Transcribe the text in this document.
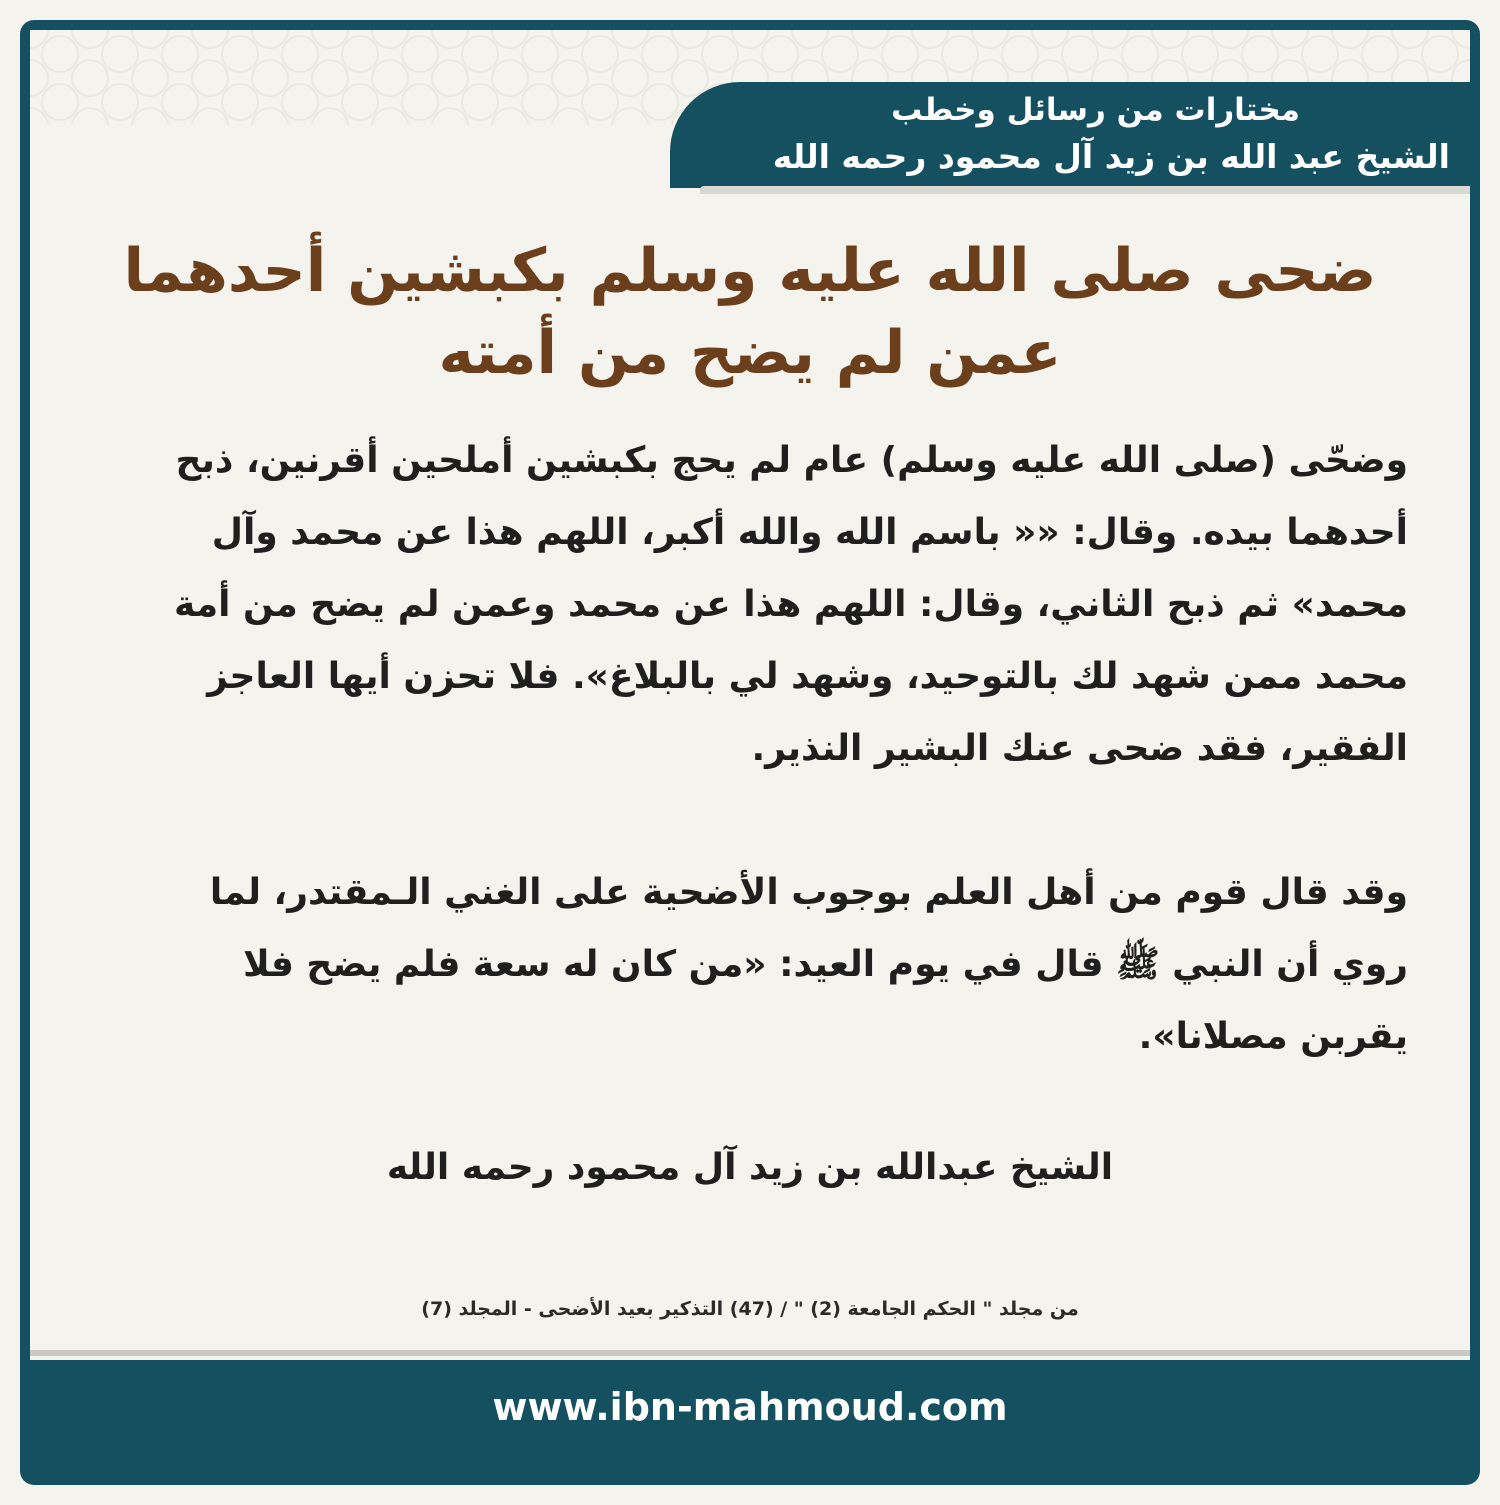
مختارات من رسائل وخطب
الشيخ عبد الله بن زيد آل محمود رحمه الله
ضحى صلى الله عليه وسلم بكبشين أحدهما
عمن لم يضح من أمته

وضحّى (صلى الله عليه وسلم) عام لم يحج بكبشين أملحين أقرنين، ذبح أحدهما بيده. وقال: «« باسم الله والله أكبر، اللهم هذا عن محمد وآل محمد» ثم ذبح الثاني، وقال: اللهم هذا عن محمد وعمن لم يضح من أمة محمد ممن شهد لك بالتوحيد، وشهد لي بالبلاغ». فلا تحزن أيها العاجز الفقير، فقد ضحى عنك البشير النذير.

وقد قال قوم من أهل العلم بوجوب الأضحية على الغني الـمقتدر، لما روي أن النبي ﷺ قال في يوم العيد: «من كان له سعة فلم يضح فلا يقربن مصلانا».

الشيخ عبدالله بن زيد آل محمود رحمه الله
من مجلد " الحكم الجامعة (2) " / (47) التذكير بعيد الأضحى - المجلد (7)
www.ibn-mahmoud.com
